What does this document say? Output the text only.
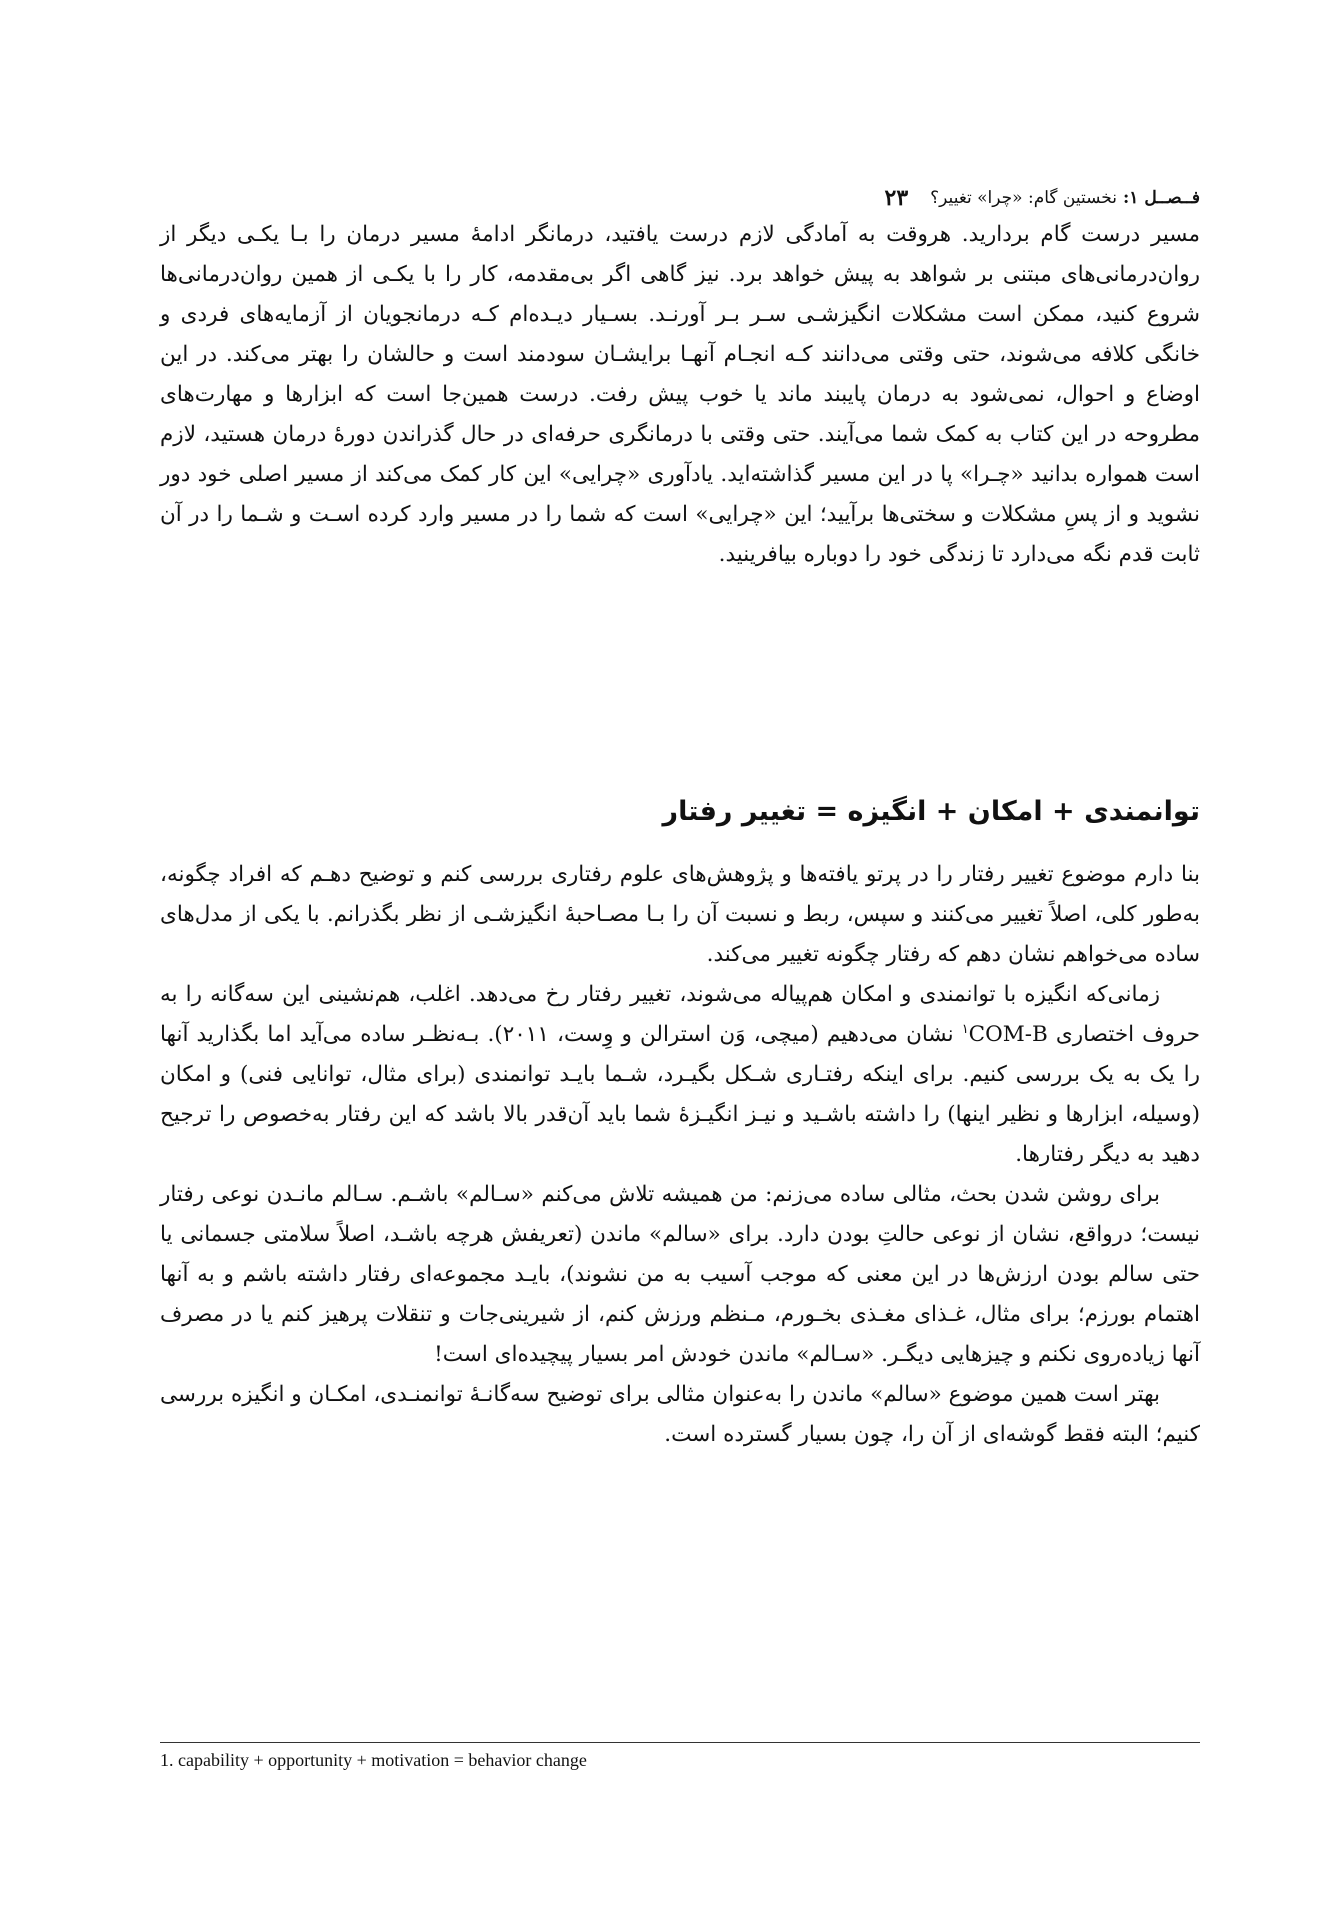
فــصــل ۱:
نخستین گام: «چرا» تغییر؟
۲۳

مسیر درست گام بردارید. هروقت به آمادگی لازم درست یافتید، درمانگر ادامۀ مسیر درمان را بـا یکـی دیگر از روان‌درمانی‌های مبتنی بر شواهد به پیش خواهد برد. نیز گاهی اگر بی‌مقدمه، کار را با یکـی از همین روان‌درمانی‌ها شروع کنید، ممکن است مشکلات انگیزشـی سـر بـر آورنـد. بسـیار دیـده‌ام کـه درمانجویان از آزمایه‌های فردی و خانگی کلافه می‌شوند، حتی وقتی می‌دانند کـه انجـام آنهـا برایشـان سودمند است و حالشان را بهتر می‌کند. در این اوضاع و احوال، نمی‌شود به درمان پایبند ماند یا خوب پیش رفت. درست همین‌جا است که ابزارها و مهارت‌های مطروحه در این کتاب به کمک شما می‌آیند. حتی وقتی با درمانگری حرفه‌ای در حال گذراندن دورۀ درمان هستید، لازم است همواره بدانید «چـرا» پا در این مسیر گذاشته‌اید. یادآوری «چرایی» این کار کمک می‌کند از مسیر اصلی خود دور نشوید و از پسِ مشکلات و سختی‌ها برآیید؛ این «چرایی» است که شما را در مسیر وارد کرده اسـت و شـما را در آن ثابت قدم نگه می‌دارد تا زندگی خود را دوباره بیافرینید.

توانمندی + امکان + انگیزه = تغییر رفتار

بنا دارم موضوع تغییر رفتار را در پرتو یافته‌ها و پژوهش‌های علوم رفتاری بررسی کنم و توضیح دهـم که افراد چگونه، به‌طور کلی، اصلاً تغییر می‌کنند و سپس، ربط و نسبت آن را بـا مصـاحبۀ انگیزشـی از نظر بگذرانم. با یکی از مدل‌های ساده می‌خواهم نشان دهم که رفتار چگونه تغییر می‌کند.

زمانی‌که انگیزه با توانمندی و امکان هم‌پیاله می‌شوند، تغییر رفتار رخ می‌دهد. اغلب، هم‌نشینی این سه‌گانه را به حروف اختصاری COM-$B^۱$ نشان می‌دهیم (میچی، وَن استرالن و وِست، ۲۰۱۱). بـه‌نظـر ساده می‌آید اما بگذارید آنها را یک به یک بررسی کنیم. برای اینکه رفتـاری شـکل بگیـرد، شـما بایـد توانمندی (برای مثال، توانایی فنی) و امکان (وسیله، ابزارها و نظیر اینها) را داشته باشـید و نیـز انگیـزۀ شما باید آن‌قدر بالا باشد که این رفتار به‌خصوص را ترجیح دهید به دیگر رفتارها.

برای روشن شدن بحث، مثالی ساده می‌زنم: من همیشه تلاش می‌کنم «سـالم» باشـم. سـالم مانـدن نوعی رفتار نیست؛ درواقع، نشان از نوعی حالتِ بودن دارد. برای «سالم» ماندن (تعریفش هرچه باشـد، اصلاً سلامتی جسمانی یا حتی سالم بودن ارزش‌ها در این معنی که موجب آسیب به من نشوند)، بایـد مجموعه‌ای رفتار داشته باشم و به آنها اهتمام بورزم؛ برای مثال، غـذای مغـذی بخـورم، مـنظم ورزش کنم، از شیرینی‌جات و تنقلات پرهیز کنم یا در مصرف آنها زیاده‌روی نکنم و چیزهایی دیگـر. «سـالم» ماندن خودش امر بسیار پیچیده‌ای است!

بهتر است همین موضوع «سالم» ماندن را به‌عنوان مثالی برای توضیح سه‌گانـۀ توانمنـدی، امکـان و انگیزه بررسی کنیم؛ البته فقط گوشه‌ای از آن را، چون بسیار گسترده است.

1. capability + opportunity + motivation = behavior change
